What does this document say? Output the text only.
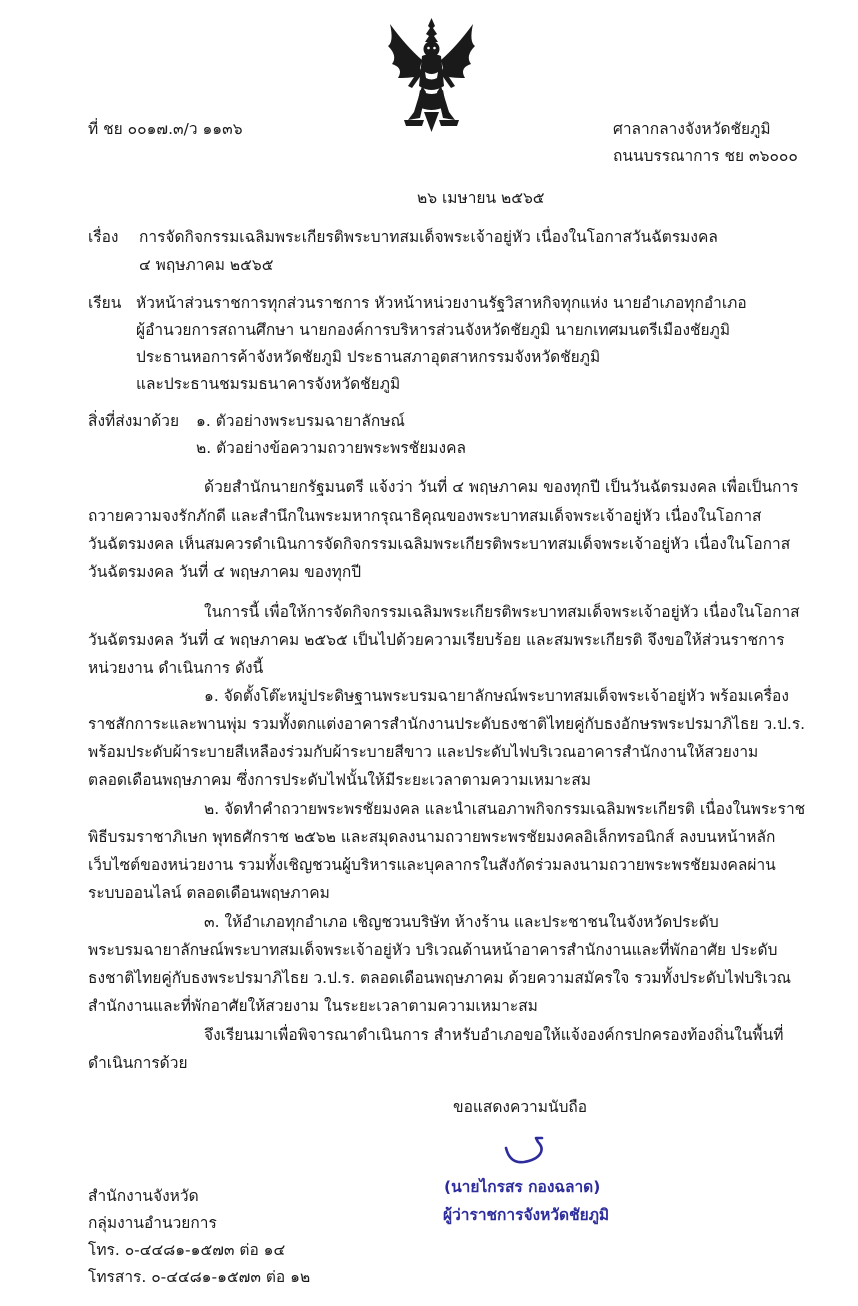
ที่ ชย ๐๐๑๗.๓/ว ๑๑๓๖	ศาลากลางจังหวัดชัยภูมิ
ถนนบรรณาการ ชย ๓๖๐๐๐
๒๖ เมษายน ๒๕๖๕
เรื่อง การจัดกิจกรรมเฉลิมพระเกียรติพระบาทสมเด็จพระเจ้าอยู่หัว เนื่องในโอกาสวันฉัตรมงคล
๔ พฤษภาคม ๒๕๖๕
เรียน หัวหน้าส่วนราชการทุกส่วนราชการ หัวหน้าหน่วยงานรัฐวิสาหกิจทุกแห่ง นายอำเภอทุกอำเภอ
ผู้อำนวยการสถานศึกษา นายกองค์การบริหารส่วนจังหวัดชัยภูมิ นายกเทศมนตรีเมืองชัยภูมิ
ประธานหอการค้าจังหวัดชัยภูมิ ประธานสภาอุตสาหกรรมจังหวัดชัยภูมิ
และประธานชมรมธนาคารจังหวัดชัยภูมิ
สิ่งที่ส่งมาด้วย ๑. ตัวอย่างพระบรมฉายาลักษณ์
๒. ตัวอย่างข้อความถวายพระพรชัยมงคล
ด้วยสำนักนายกรัฐมนตรี แจ้งว่า วันที่ ๔ พฤษภาคม ของทุกปี เป็นวันฉัตรมงคล เพื่อเป็นการ
ถวายความจงรักภักดี และสำนึกในพระมหากรุณาธิคุณของพระบาทสมเด็จพระเจ้าอยู่หัว เนื่องในโอกาส
วันฉัตรมงคล เห็นสมควรดำเนินการจัดกิจกรรมเฉลิมพระเกียรติพระบาทสมเด็จพระเจ้าอยู่หัว เนื่องในโอกาส
วันฉัตรมงคล วันที่ ๔ พฤษภาคม ของทุกปี
ในการนี้ เพื่อให้การจัดกิจกรรมเฉลิมพระเกียรติพระบาทสมเด็จพระเจ้าอยู่หัว เนื่องในโอกาส
วันฉัตรมงคล วันที่ ๔ พฤษภาคม ๒๕๖๕ เป็นไปด้วยความเรียบร้อย และสมพระเกียรติ จึงขอให้ส่วนราชการ
หน่วยงาน ดำเนินการ ดังนี้
๑. จัดตั้งโต๊ะหมู่ประดิษฐานพระบรมฉายาลักษณ์พระบาทสมเด็จพระเจ้าอยู่หัว พร้อมเครื่อง
ราชสักการะและพานพุ่ม รวมทั้งตกแต่งอาคารสำนักงานประดับธงชาติไทยคู่กับธงอักษรพระปรมาภิไธย ว.ป.ร.
พร้อมประดับผ้าระบายสีเหลืองร่วมกับผ้าระบายสีขาว และประดับไฟบริเวณอาคารสำนักงานให้สวยงาม
ตลอดเดือนพฤษภาคม ซึ่งการประดับไฟนั้นให้มีระยะเวลาตามความเหมาะสม
๒. จัดทำคำถวายพระพรชัยมงคล และนำเสนอภาพกิจกรรมเฉลิมพระเกียรติ เนื่องในพระราช
พิธีบรมราชาภิเษก พุทธศักราช ๒๕๖๒ และสมุดลงนามถวายพระพรชัยมงคลอิเล็กทรอนิกส์ ลงบนหน้าหลัก
เว็บไซต์ของหน่วยงาน รวมทั้งเชิญชวนผู้บริหารและบุคลากรในสังกัดร่วมลงนามถวายพระพรชัยมงคลผ่าน
ระบบออนไลน์ ตลอดเดือนพฤษภาคม
๓. ให้อำเภอทุกอำเภอ เชิญชวนบริษัท ห้างร้าน และประชาชนในจังหวัดประดับ
พระบรมฉายาลักษณ์พระบาทสมเด็จพระเจ้าอยู่หัว บริเวณด้านหน้าอาคารสำนักงานและที่พักอาศัย ประดับ
ธงชาติไทยคู่กับธงพระปรมาภิไธย ว.ป.ร. ตลอดเดือนพฤษภาคม ด้วยความสมัครใจ รวมทั้งประดับไฟบริเวณ
สำนักงานและที่พักอาศัยให้สวยงาม ในระยะเวลาตามความเหมาะสม
จึงเรียนมาเพื่อพิจารณาดำเนินการ สำหรับอำเภอขอให้แจ้งองค์กรปกครองท้องถิ่นในพื้นที่
ดำเนินการด้วย
ขอแสดงความนับถือ
(นายไกรสร กองฉลาด)
ผู้ว่าราชการจังหวัดชัยภูมิ
สำนักงานจังหวัด
กลุ่มงานอำนวยการ
โทร. ๐-๔๔๘๑-๑๕๗๓ ต่อ ๑๔
โทรสาร. ๐-๔๔๘๑-๑๕๗๓ ต่อ ๑๒
